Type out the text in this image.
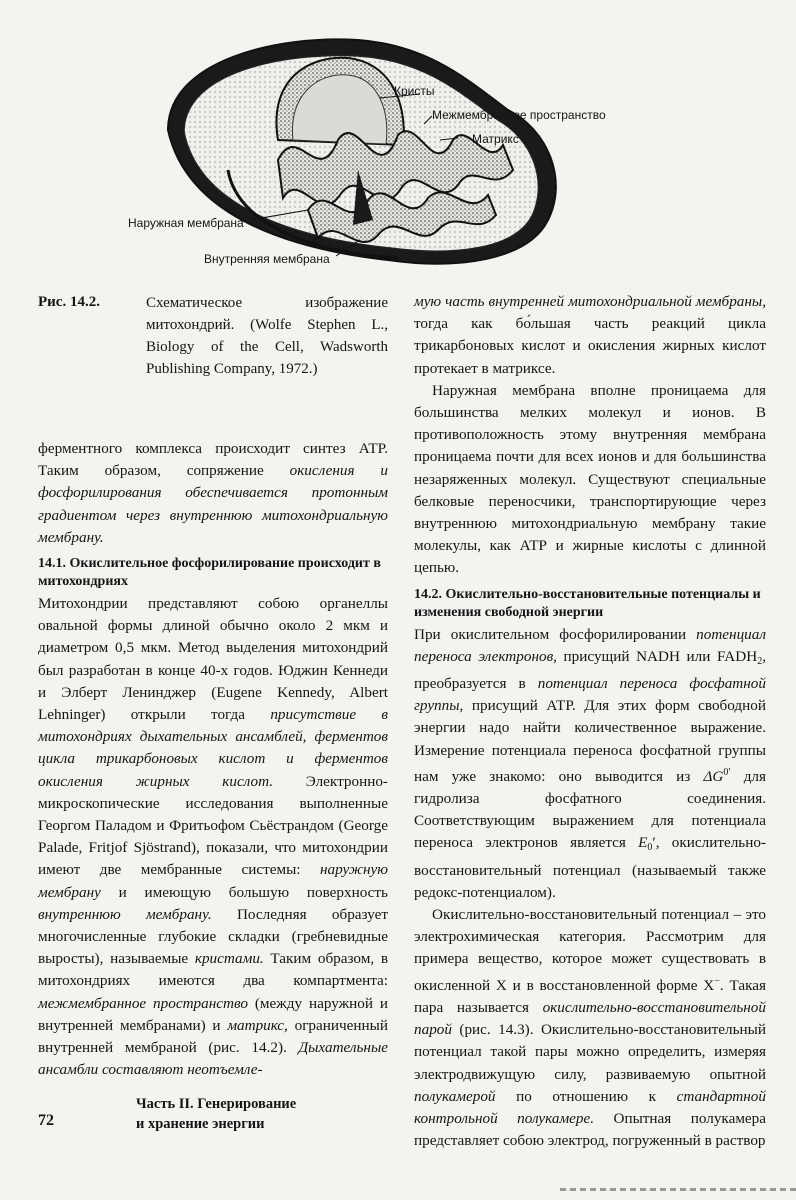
Кристы
Межмембранное пространство
Матрикс
Наружная мембрана
Внутренняя мембрана
Рис. 14.2.	Схематическое изображение митохондрий. (Wolfe Stephen L., Biology of the Cell, Wadsworth Publishing Company, 1972.)

ферментного комплекса происходит синтез АТР. Таким образом, сопряжение окисления и фосфорилирования обеспечивается протонным градиентом через внутреннюю митохондриальную мембрану.

14.1. Окислительное фосфорилирование происходит в митохондриях

Митохондрии представляют собою органеллы овальной формы длиной обычно около 2 мкм и диаметром 0,5 мкм. Метод выделения митохондрий был разработан в конце 40-х годов. Юджин Кеннеди и Элберт Ленинджер (Eugene Kennedy, Albert Lehninger) открыли тогда присутствие в митохондриях дыхательных ансамблей, ферментов цикла трикарбоновых кислот и ферментов окисления жирных кислот. Электронно-микроскопические исследования выполненные Георгом Паладом и Фритьофом Сьёстрандом (George Palade, Fritjof Sjöstrand), показали, что митохондрии имеют две мембранные системы: наружную мембрану и имеющую большую поверхность внутреннюю мембрану. Последняя образует многочисленные глубокие складки (гребневидные выросты), называемые кристами. Таким образом, в митохондриях имеются два компартмента: межмембранное пространство (между наружной и внутренней мембранами) и матрикс, ограниченный внутренней мембраной (рис. 14.2). Дыхательные ансамбли составляют неотъемле-

мую часть внутренней митохондриальной мембраны, тогда как бо́льшая часть реакций цикла трикарбоновых кислот и окисления жирных кислот протекает в матриксе.

Наружная мембрана вполне проницаема для большинства мелких молекул и ионов. В противоположность этому внутренняя мембрана проницаема почти для всех ионов и для большинства незаряженных молекул. Существуют специальные белковые переносчики, транспортирующие через внутреннюю митохондриальную мембрану такие молекулы, как АТР и жирные кислоты с длинной цепью.

14.2. Окислительно-восстановительные потенциалы и изменения свободной энергии

При окислительном фосфорилировании потенциал переноса электронов, присущий NADH или $FADH_2$, преобразуется в потенциал переноса фосфатной группы, присущий АТР. Для этих форм свободной энергии надо найти количественное выражение. Измерение потенциала переноса фосфатной группы нам уже знакомо: оно выводится из $\Delta G^{0'}$ для гидролиза фосфатного соединения. Соответствующим выражением для потенциала переноса электронов является $E_0'$, окислительно-восстановительный потенциал (называемый также редокс-потенциалом).

Окислительно-восстановительный потенциал – это электрохимическая категория. Рассмотрим для примера вещество, которое может существовать в окисленной X и в восстановленной форме X−. Такая пара называется окислительно-восстановительной парой (рис. 14.3). Окислительно-восстановительный потенциал такой пары можно определить, измеряя электродвижущую силу, развиваемую опытной полукамерой по отношению к стандартной контрольной полукамере. Опытная полукамера представляет собою электрод, погруженный в раствор

Часть II. Генерирование
и хранение энергии
72
